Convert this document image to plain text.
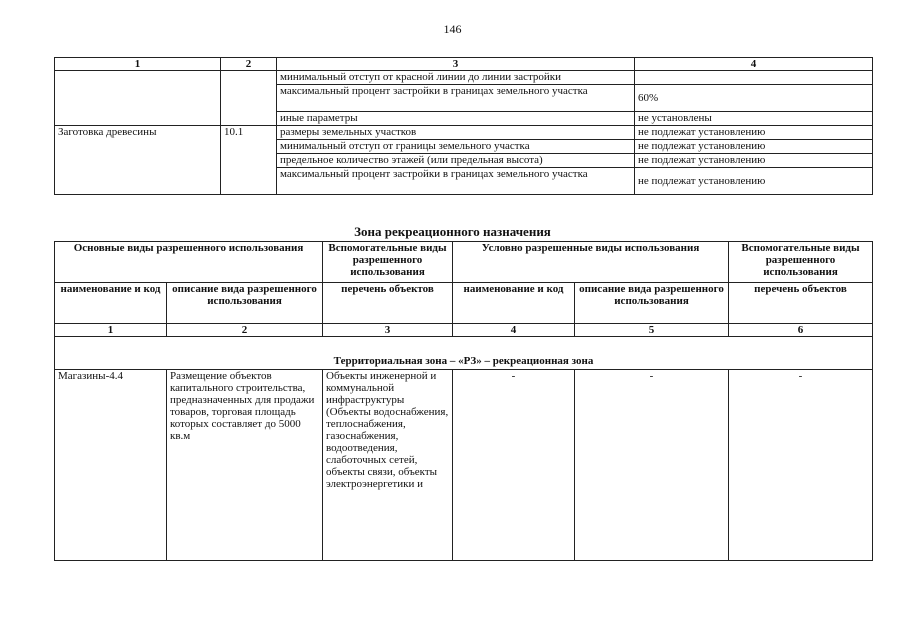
146
1	2	3	4
		минимальный отступ от красной линии до линии застройки	
		максимальный процент застройки в границах земельного участка	60%
		иные параметры	не установлены
Заготовка древесины	10.1	размеры земельных участков	не подлежат установлению
		минимальный отступ от границы земельного участка	не подлежат установлению
		предельное количество этажей (или предельная высота)	не подлежат установлению
		максимальный процент застройки в границах земельного участка	не подлежат установлению
Зона рекреационного назначения
Основные виды разрешенного использования		Вспомогательные виды разрешенного использования	Условно разрешенные виды использования		Вспомогательные виды разрешенного использования
наименование и код	описание вида разрешенного использования	перечень объектов	наименование и код	описание вида разрешенного использования	перечень объектов
1	2	3	4	5	6
Территориальная зона – «РЗ» – рекреационная зона					
Магазины-4.4	Размещение объектов капитального строительства, предназначенных для продажи товаров, торговая площадь которых составляет до 5000 кв.м	Объекты инженерной и коммунальной инфраструктуры (Объекты водоснабжения, теплоснабжения, газоснабжения, водоотведения, слаботочных сетей, объекты связи, объекты электроэнергетики и	-	-	-
